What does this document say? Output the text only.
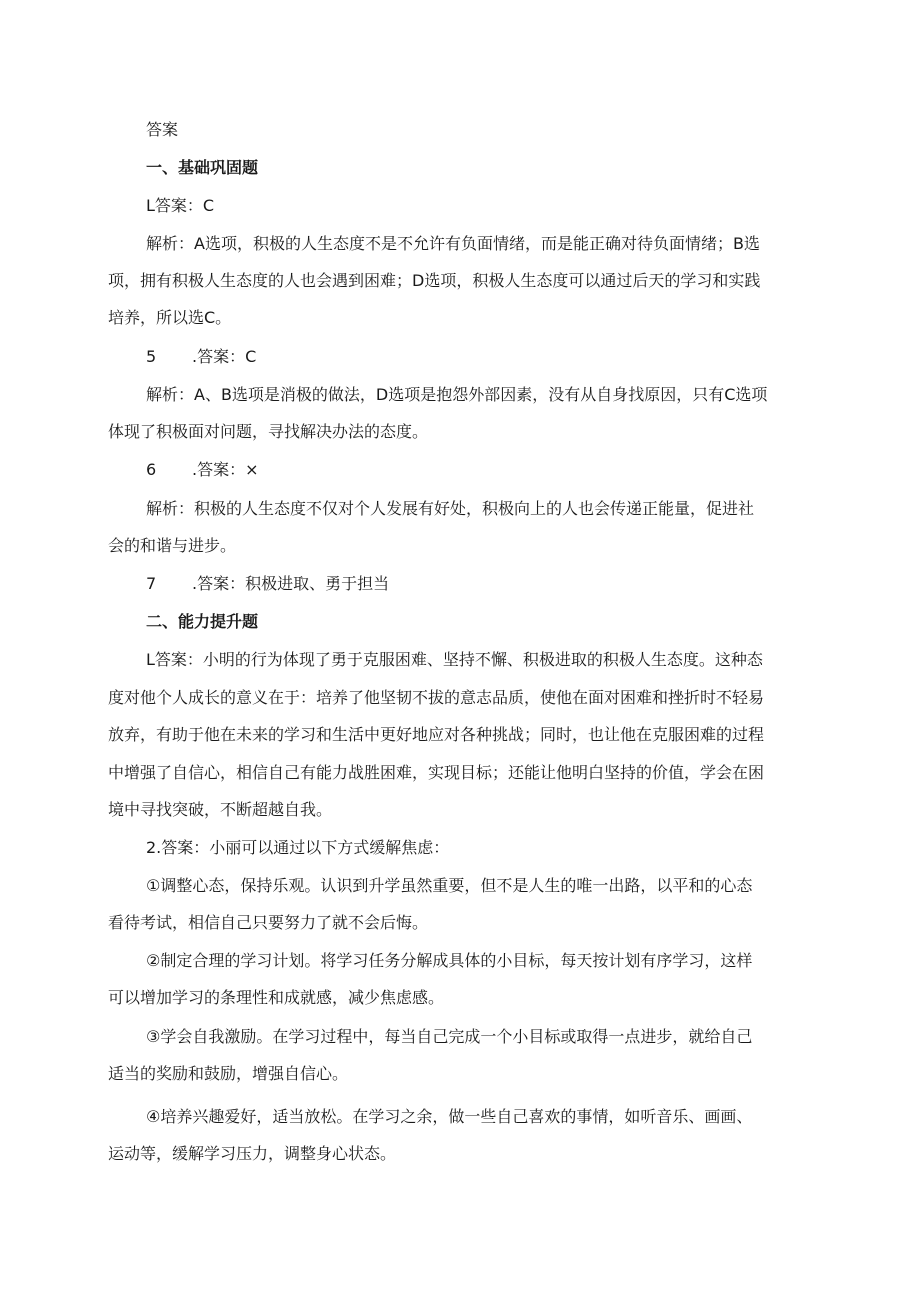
答案
一、基础巩固题
L答案：C
解析：A选项，积极的人生态度不是不允许有负面情绪，而是能正确对待负面情绪；B选
项，拥有积极人生态度的人也会遇到困难；D选项，积极人生态度可以通过后天的学习和实践
培养，所以选C。
5 .答案：C
解析：A、B选项是消极的做法，D选项是抱怨外部因素，没有从自身找原因，只有C选项
体现了积极面对问题，寻找解决办法的态度。
6 .答案：×
解析：积极的人生态度不仅对个人发展有好处，积极向上的人也会传递正能量，促进社
会的和谐与进步。
7 .答案：积极进取、勇于担当
二、能力提升题
L答案：小明的行为体现了勇于克服困难、坚持不懈、积极进取的积极人生态度。这种态
度对他个人成长的意义在于：培养了他坚韧不拔的意志品质，使他在面对困难和挫折时不轻易
放弃，有助于他在未来的学习和生活中更好地应对各种挑战；同时，也让他在克服困难的过程
中增强了自信心，相信自己有能力战胜困难，实现目标；还能让他明白坚持的价值，学会在困
境中寻找突破，不断超越自我。
2.答案：小丽可以通过以下方式缓解焦虑：
①调整心态，保持乐观。认识到升学虽然重要，但不是人生的唯一出路，以平和的心态
看待考试，相信自己只要努力了就不会后悔。
②制定合理的学习计划。将学习任务分解成具体的小目标，每天按计划有序学习，这样
可以增加学习的条理性和成就感，减少焦虑感。
③学会自我激励。在学习过程中，每当自己完成一个小目标或取得一点进步，就给自己
适当的奖励和鼓励，增强自信心。
④培养兴趣爱好，适当放松。在学习之余，做一些自己喜欢的事情，如听音乐、画画、
运动等，缓解学习压力，调整身心状态。
